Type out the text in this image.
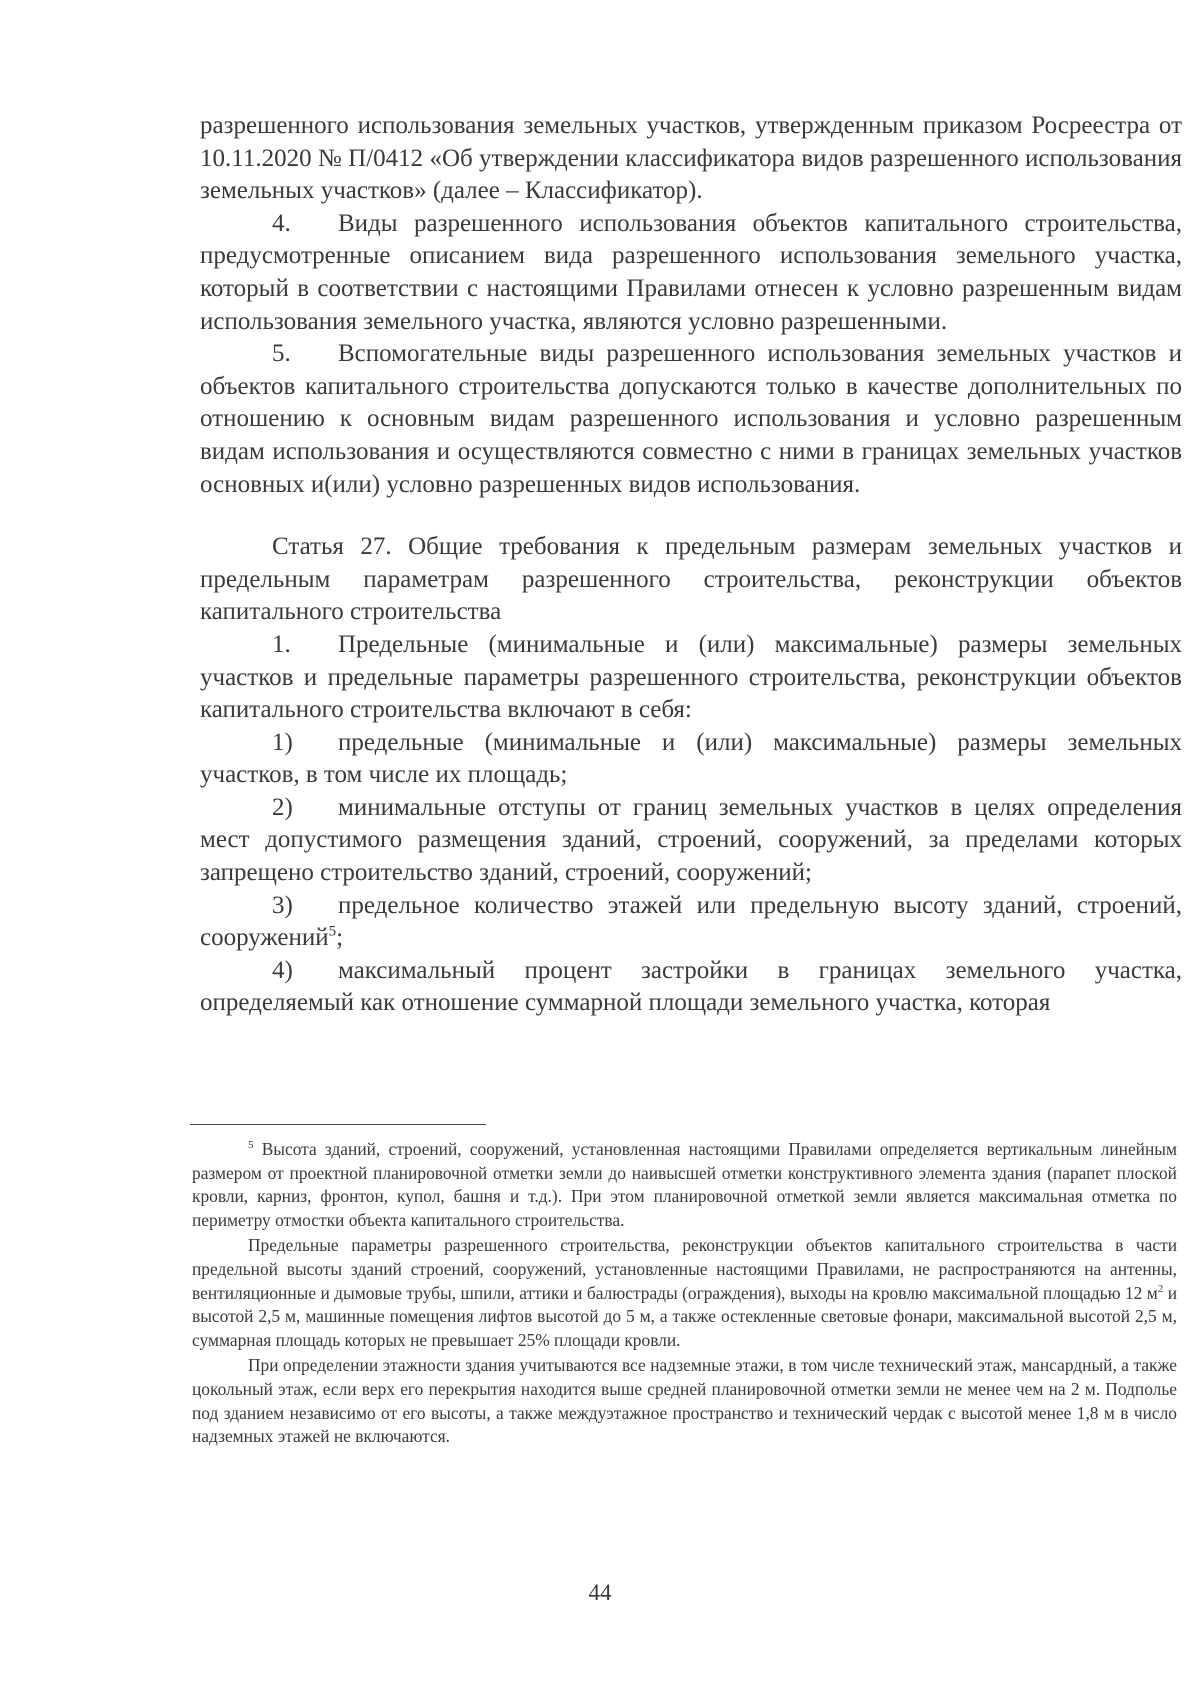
разрешенного использования земельных участков, утвержденным приказом Росреестра от 10.11.2020 № П/0412 «Об утверждении классификатора видов разрешенного использования земельных участков» (далее – Классификатор).

4. Виды разрешенного использования объектов капитального строительства, предусмотренные описанием вида разрешенного использования земельного участка, который в соответствии с настоящими Правилами отнесен к условно разрешенным видам использования земельного участка, являются условно разрешенными.

5. Вспомогательные виды разрешенного использования земельных участков и объектов капитального строительства допускаются только в качестве дополнительных по отношению к основным видам разрешенного использования и условно разрешенным видам использования и осуществляются совместно с ними в границах земельных участков основных и(или) условно разрешенных видов использования.

Статья 27. Общие требования к предельным размерам земельных участков и предельным параметрам разрешенного строительства, реконструкции объектов капитального строительства

1. Предельные (минимальные и (или) максимальные) размеры земельных участков и предельные параметры разрешенного строительства, реконструкции объектов капитального строительства включают в себя:

1) предельные (минимальные и (или) максимальные) размеры земельных участков, в том числе их площадь;

2) минимальные отступы от границ земельных участков в целях определения мест допустимого размещения зданий, строений, сооружений, за пределами которых запрещено строительство зданий, строений, сооружений;

3) предельное количество этажей или предельную высоту зданий, строений, сооружений$^5$;

4) максимальный процент застройки в границах земельного участка, определяемый как отношение суммарной площади земельного участка, которая

$^5$ Высота зданий, строений, сооружений, установленная настоящими Правилами определяется вертикальным линейным размером от проектной планировочной отметки земли до наивысшей отметки конструктивного элемента здания (парапет плоской кровли, карниз, фронтон, купол, башня и т.д.). При этом планировочной отметкой земли является максимальная отметка по периметру отмостки объекта капитального строительства.

Предельные параметры разрешенного строительства, реконструкции объектов капитального строительства в части предельной высоты зданий строений, сооружений, установленные настоящими Правилами, не распространяются на антенны, вентиляционные и дымовые трубы, шпили, аттики и балюстрады (ограждения), выходы на кровлю максимальной площадью 12 $м^2$ и высотой 2,5 м, машинные помещения лифтов высотой до 5 м, а также остекленные световые фонари, максимальной высотой 2,5 м, суммарная площадь которых не превышает 25% площади кровли.

При определении этажности здания учитываются все надземные этажи, в том числе технический этаж, мансардный, а также цокольный этаж, если верх его перекрытия находится выше средней планировочной отметки земли не менее чем на 2 м. Подполье под зданием независимо от его высоты, а также междуэтажное пространство и технический чердак с высотой менее 1,8 м в число надземных этажей не включаются.

44
